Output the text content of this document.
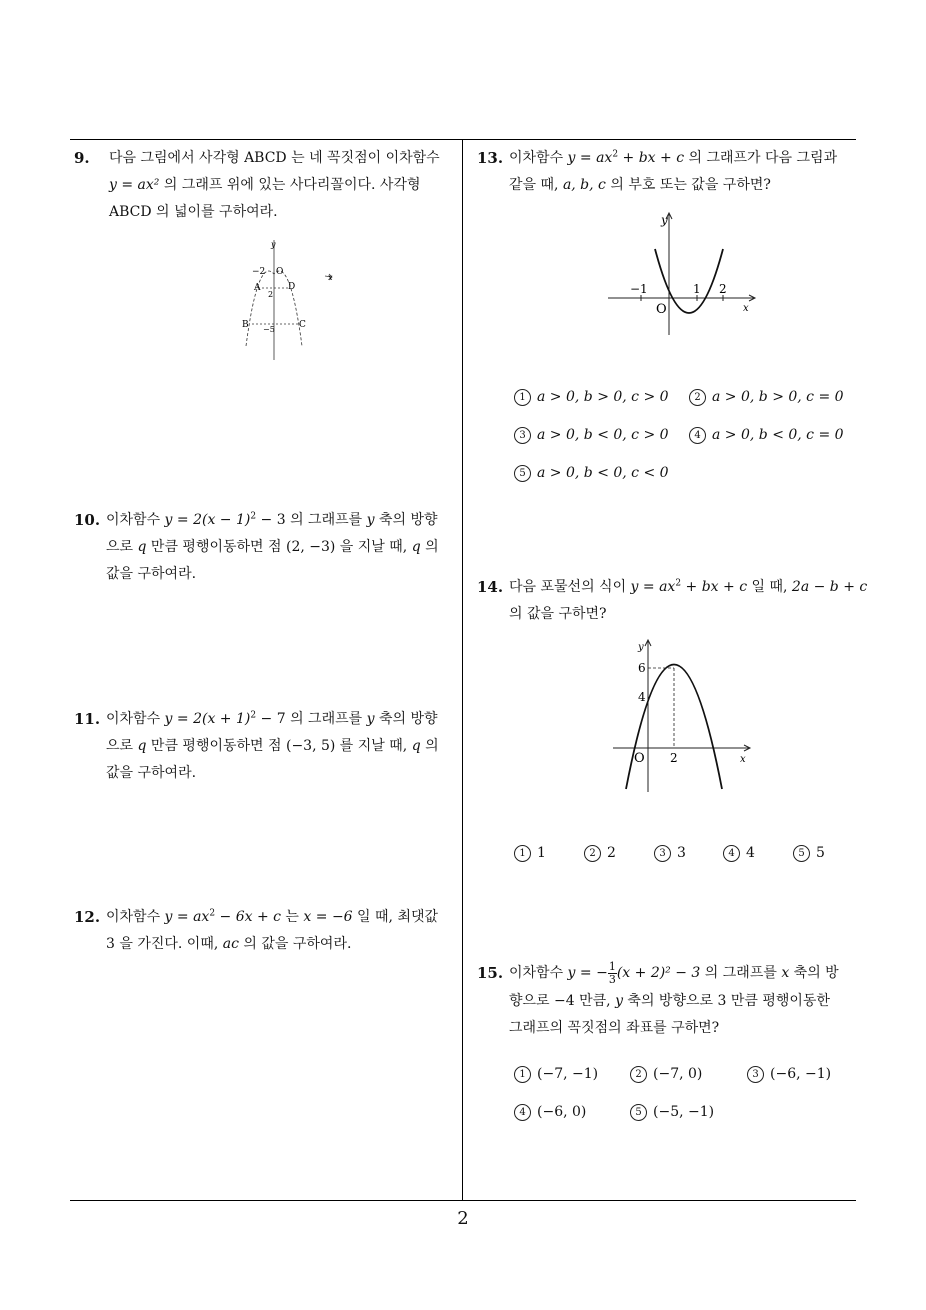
9. 다음 그림에서 사각형 ABCD 는 네 꼭짓점이 이차함수
y = ax² 의 그래프 위에 있는 사다리꼴이다. 사각형
ABCD 의 넓이를 구하여라.
y
x
O
−2
A	D
2
B	C
−5
10. 이차함수 $y = 2(x - 1)^2 - 3$ 의 그래프를 y 축의 방향
으로 q 만큼 평행이동하면 점 (2, −3) 을 지날 때, q 의
값을 구하여라.
11. 이차함수 $y = 2(x + 1)^2 - 7$ 의 그래프를 y 축의 방향
으로 q 만큼 평행이동하면 점 (−3, 5) 를 지날 때, q 의
값을 구하여라.
12. 이차함수 $y = ax^2 - 6x + c$ 는 x = −6 일 때, 최댓값
3 을 가진다. 이때, ac 의 값을 구하여라.
13. 이차함수 $y = ax^2$ + bx + c 의 그래프가 다음 그림과
같을 때, a, b, c 의 부호 또는 값을 구하면?
y
x
O
−1	1 2
1 a > 0, b > 0, c > 0	2 a > 0, b > 0, c = 0
3 a > 0, b < 0, c > 0	4 a > 0, b < 0, c = 0
5 a > 0, b < 0, c < 0
14. 다음 포물선의 식이 $y = ax^2$ + bx + c 일 때, 2a − b + c
의 값을 구하면?
6
4
O 2	x
y
1 1	2 2	3 3	4 4	5 5
15. 이차함수 y = − $\frac{1}{3} (x + 2)^2 - 3$ 의 그래프를 x 축의 방
향으로 −4 만큼, y 축의 방향으로 3 만큼 평행이동한
그래프의 꼭짓점의 좌표를 구하면?
1 (−7, −1)	2 (−7, 0)	3 (−6, −1)
4 (−6, 0)	5 (−5, −1)
2
